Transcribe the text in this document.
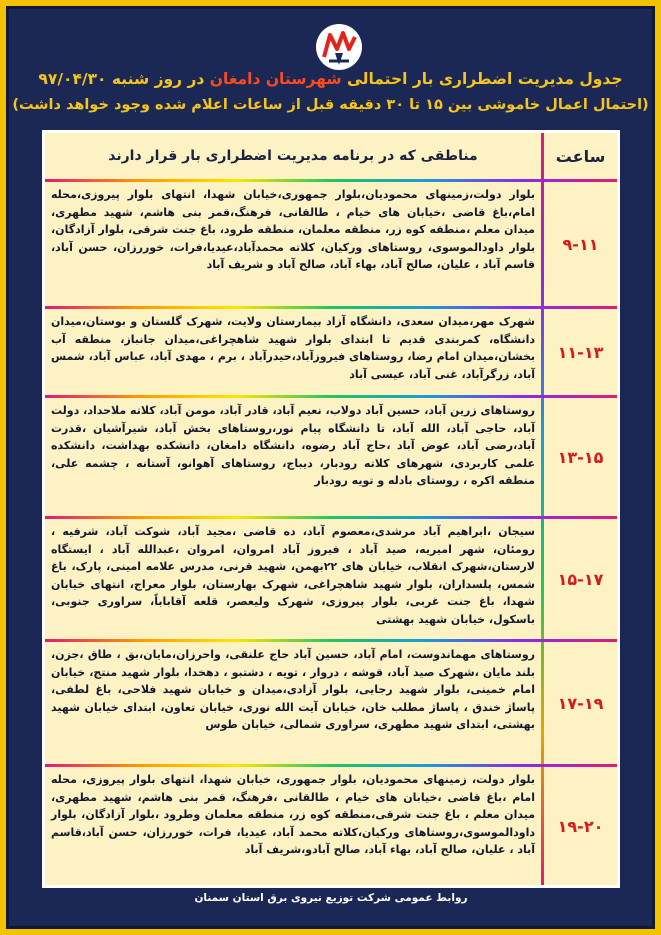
جدول مدیریت اضطراری بار احتمالی شهرستان دامغان در روز شنبه ۹۷/۰۴/۳۰
(احتمال اعمال خاموشی بین ۱۵ تا ۳۰ دقیقه قبل از ساعات اعلام شده وجود خواهد داشت)
مناطقی که در برنامه مدیریت اضطراری بار قرار دارند	ساعت
بلوار دولت،زمینهای محمودیان،بلوار جمهوری،خیابان شهدا، انتهای بلوار پیروزی،محله امام،باغ قاضی ،خیابان های خیام ، طالقانی، فرهنگ،قمر بنی هاشم، شهید مطهری، میدان معلم ،منطقه کوه زر، منطقه معلمان، منطقه طرود، باغ جنت شرقی، بلوار آزادگان، بلوار داودالموسوی، روستاهای ورکیان، کلاته محمدآباد،عیدیا،فرات، خوررزان، حسن آباد، قاسم آباد ، علیان، صالح آباد، بهاء آباد، صالح آباد و شریف آباد
۹-۱۱
شهرک مهر،میدان سعدی، دانشگاه آزاد بیمارستان ولایت، شهرک گلستان و بوستان،میدان دانشگاه، کمربندی قدیم تا ابتدای بلوار شهید شاهچراغی،میدان جانباز، منطقه آب بخشان،میدان امام رضا، روستاهای فیروزآباد،حیدرآباد ، برم ، مهدی آباد، عباس آباد، شمس آباد، زرگرآباد، غنی آباد، عیسی آباد
۱۱-۱۳
روستاهای زرین آباد، حسین آباد دولاب، نعیم آباد، قادر آباد، مومن آباد، کلاته ملاحداد، دولت آباد، حاجی آباد، الله آباد، تا دانشگاه پیام نور،روستاهای بخش آباد، شیرآشیان ،قدرت آباد،رضی آباد، عوض آباد ،حاج آباد رضوه، دانشگاه دامغان، دانشکده بهداشت، دانشکده علمی کاربردی، شهرهای کلاته رودبار، دیباج، روستاهای آهوانو، آستانه ، چشمه علی، منطقه اکره ، روستای بادله و تویه رودبار
۱۳-۱۵
سیجان ،ابراهیم آباد مرشدی،معصوم آباد، ده قاضی ،مجید آباد، شوکت آباد، شرفیه ، رومئان، شهر امیریه، صید آباد ، فیروز آباد امروان، امروان ،عبدالله آباد ، ایستگاه لارستان،شهرک انقلاب، خیابان های ۲۲بهمن، شهید قرنی، مدرس علامه امینی، پارک، باغ شمس، پلسداران، بلوار شهید شاهچراغی، شهرک بهارستان، بلوار معراج، انتهای خیابان شهدا، باغ جنت غربی، بلوار پیروزی، شهرک ولیعصر، قلعه آقاباباً، سراوری جنوبی، باسکول، خیابان شهید بهشتی
۱۵-۱۷
روستاهای مهماندوست، امام آباد، حسین آباد حاج علنقی، واحرزان،مایان،بق ، طاق ،جزن، بلند مایان ،شهرک صید آباد، قوشه ، دروار ، تویه ، دشتبو ، دهخدا، بلوار شهید منتج، خیابان امام خمینی، بلوار شهید رجایی، بلوار آزادی،میدان و خیابان شهید فلاحی، باغ لطفی، پاساژ خندق ، پاساژ مطلب خان، خیابان آیت الله نوری، خیابان تعاون، ابتدای خیابان شهید بهشتی، ابتدای شهید مطهری، سراوری شمالی، خیابان طوس
۱۷-۱۹
بلوار دولت، زمینهای محمودیان، بلوار جمهوری، خیابان شهدا، انتهای بلوار پیروزی، محله امام ،باغ قاضی ،خیابان های خیام ، طالقانی ،فرهنگ، قمر بنی هاشم، شهید مطهری، میدان معلم ، باغ جنت شرقی،منطقه کوه زر، منطقه معلمان وطرود ،بلوار آزادگان، بلوار داودالموسوی،روستاهای ورکیان،کلاته محمد آباد، عیدیا، فرات، خوررزان، حسن آباد،قاسم آباد ، علیان، صالح آباد، بهاء آباد، صالح آبادو،شریف آباد
۱۹-۲۰
روابط عمومی شرکت توزیع نیروی برق استان سمنان
